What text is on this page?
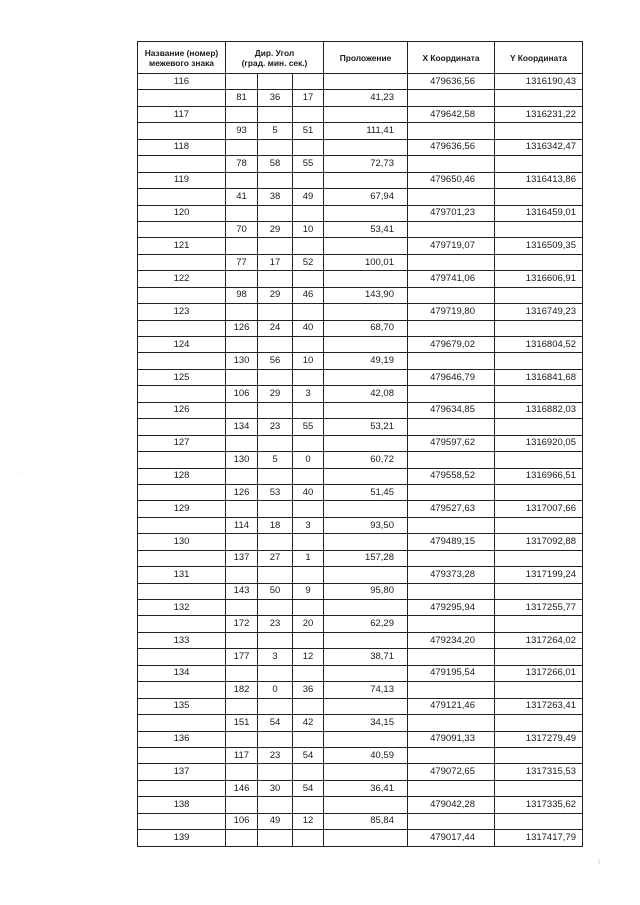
Название (номер)
межевого знака	Дир. Угол
(град. мин. сек.)			Проложение	X Координата	Y Координата
116					479636,56	1316190,43
	81	36	17	41,23		
117					479642,58	1316231,22
	93	5	51	111,41		
118					479636,56	1316342,47
	78	58	55	72,73		
119					479650,46	1316413,86
	41	38	49	67,94		
120					479701,23	1316459,01
	70	29	10	53,41		
121					479719,07	1316509,35
	77	17	52	100,01		
122					479741,06	1316606,91
	98	29	46	143,90		
123					479719,80	1316749,23
	126	24	40	68,70		
124					479679,02	1316804,52
	130	56	10	49,19		
125					479646,79	1316841,68
	106	29	3	42,08		
126					479634,85	1316882,03
	134	23	55	53,21		
127					479597,62	1316920,05
	130	5	0	60,72		
128					479558,52	1316966,51
	126	53	40	51,45		
129					479527,63	1317007,66
	114	18	3	93,50		
130					479489,15	1317092,88
	137	27	1	157,28		
131					479373,28	1317199,24
	143	50	9	95,80		
132					479295,94	1317255,77
	172	23	20	62,29		
133					479234,20	1317264,02
	177	3	12	38,71		
134					479195,54	1317266,01
	182	0	36	74,13		
135					479121,46	1317263,41
	151	54	42	34,15		
136					479091,33	1317279,49
	117	23	54	40,59		
137					479072,65	1317315,53
	146	30	54	36,41		
138					479042,28	1317335,62
	106	49	12	85,84		
139					479017,44	1317417,79
·
⁝
